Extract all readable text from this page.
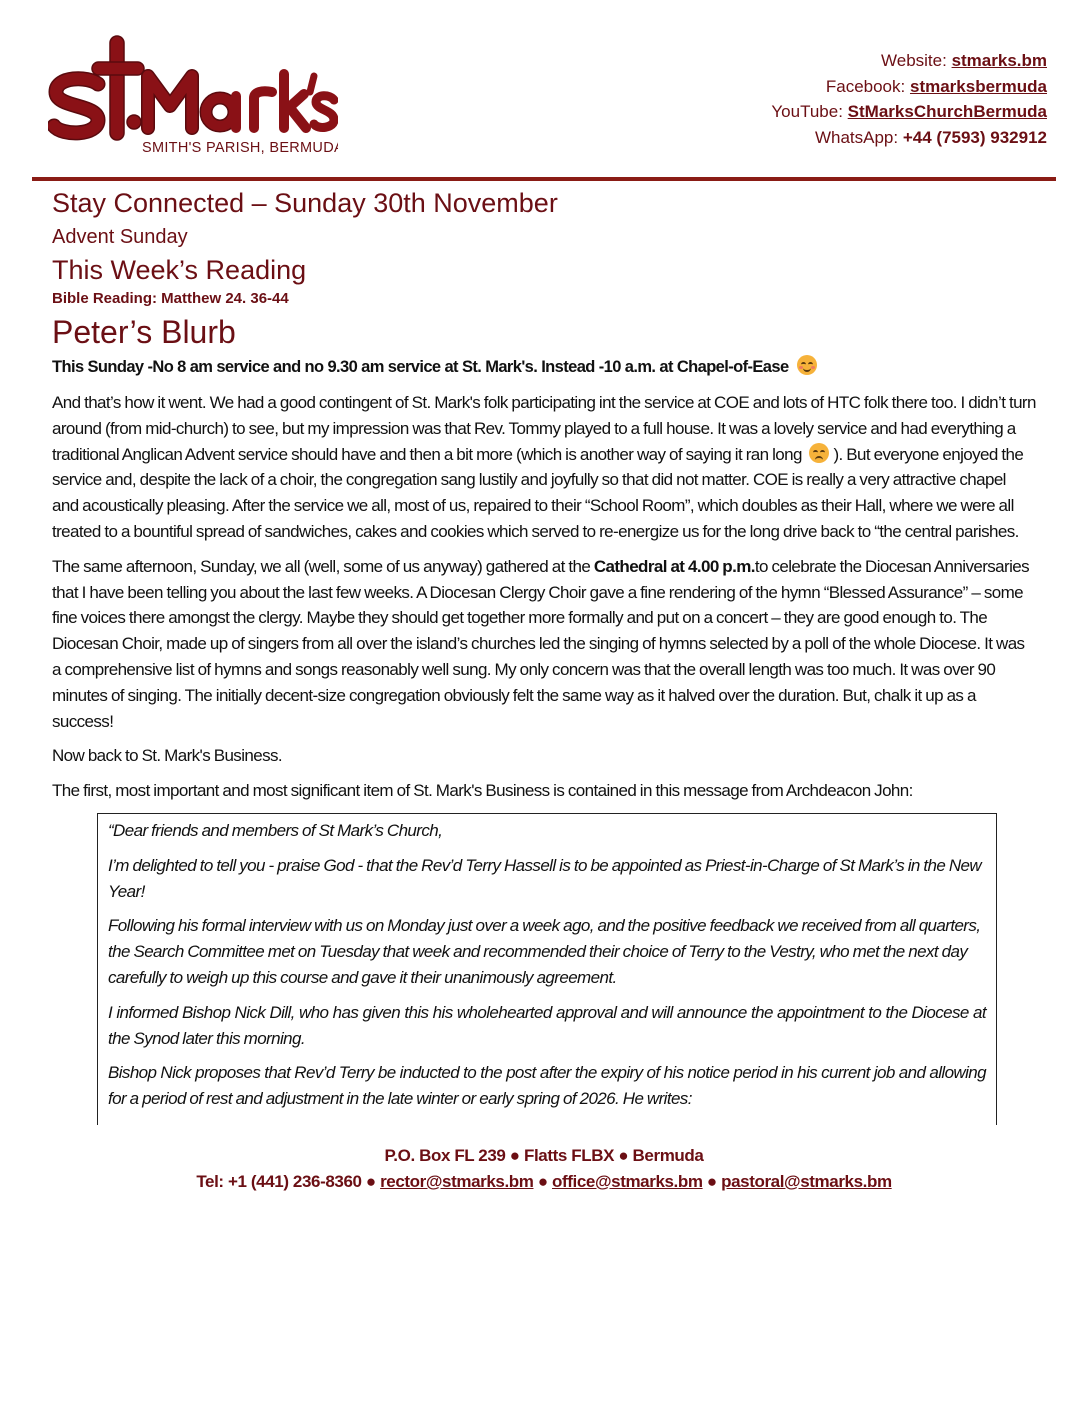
SMITH'S PARISH, BERMUDA
Website: stmarks.bm
Facebook: stmarksbermuda
YouTube: StMarksChurchBermuda
WhatsApp: +44 (7593) 932912
Stay Connected – Sunday 30th November
Advent Sunday
This Week’s Reading

Bible Reading: Matthew 24. 36-44

Peter’s Blurb

This Sunday -No 8 am service and no 9.30 am service at St. Mark's. Instead -10 a.m. at Chapel-of-Ease

And that’s how it went. We had a good contingent of St. Mark's folk participating int the service at COE and lots of HTC folk there too. I didn’t turn around (from mid-church) to see, but my impression was that Rev. Tommy played to a full house. It was a lovely service and had everything a traditional Anglican Advent service should have and then a bit more (which is another way of saying it ran long ). But everyone enjoyed the service and, despite the lack of a choir, the congregation sang lustily and joyfully so that did not matter. COE is really a very attractive chapel and acoustically pleasing. After the service we all, most of us, repaired to their “School Room”, which doubles as their Hall, where we were all treated to a bountiful spread of sandwiches, cakes and cookies which served to re-energize us for the long drive back to “the central parishes.

The same afternoon, Sunday, we all (well, some of us anyway) gathered at the Cathedral at 4.00 p.m.to celebrate the Diocesan Anniversaries that I have been telling you about the last few weeks. A Diocesan Clergy Choir gave a fine rendering of the hymn “Blessed Assurance” – some fine voices there amongst the clergy. Maybe they should get together more formally and put on a concert – they are good enough to. The Diocesan Choir, made up of singers from all over the island’s churches led the singing of hymns selected by a poll of the whole Diocese. It was a comprehensive list of hymns and songs reasonably well sung. My only concern was that the overall length was too much. It was over 90 minutes of singing. The initially decent-size congregation obviously felt the same way as it halved over the duration. But, chalk it up as a success!

Now back to St. Mark's Business.

The first, most important and most significant item of St. Mark's Business is contained in this message from Archdeacon John:

“Dear friends and members of St Mark’s Church,

I’m delighted to tell you - praise God - that the Rev’d Terry Hassell is to be appointed as Priest-in-Charge of St Mark’s in the New Year!

Following his formal interview with us on Monday just over a week ago, and the positive feedback we received from all quarters, the Search Committee met on Tuesday that week and recommended their choice of Terry to the Vestry, who met the next day carefully to weigh up this course and gave it their unanimously agreement.

I informed Bishop Nick Dill, who has given this his wholehearted approval and will announce the appointment to the Diocese at the Synod later this morning.

Bishop Nick proposes that Rev’d Terry be inducted to the post after the expiry of his notice period in his current job and allowing for a period of rest and adjustment in the late winter or early spring of 2026. He writes:

P.O. Box FL 239 ● Flatts FLBX ● Bermuda
Tel: +1 (441) 236-8360 ● rector@stmarks.bm ● office@stmarks.bm ● pastoral@stmarks.bm
